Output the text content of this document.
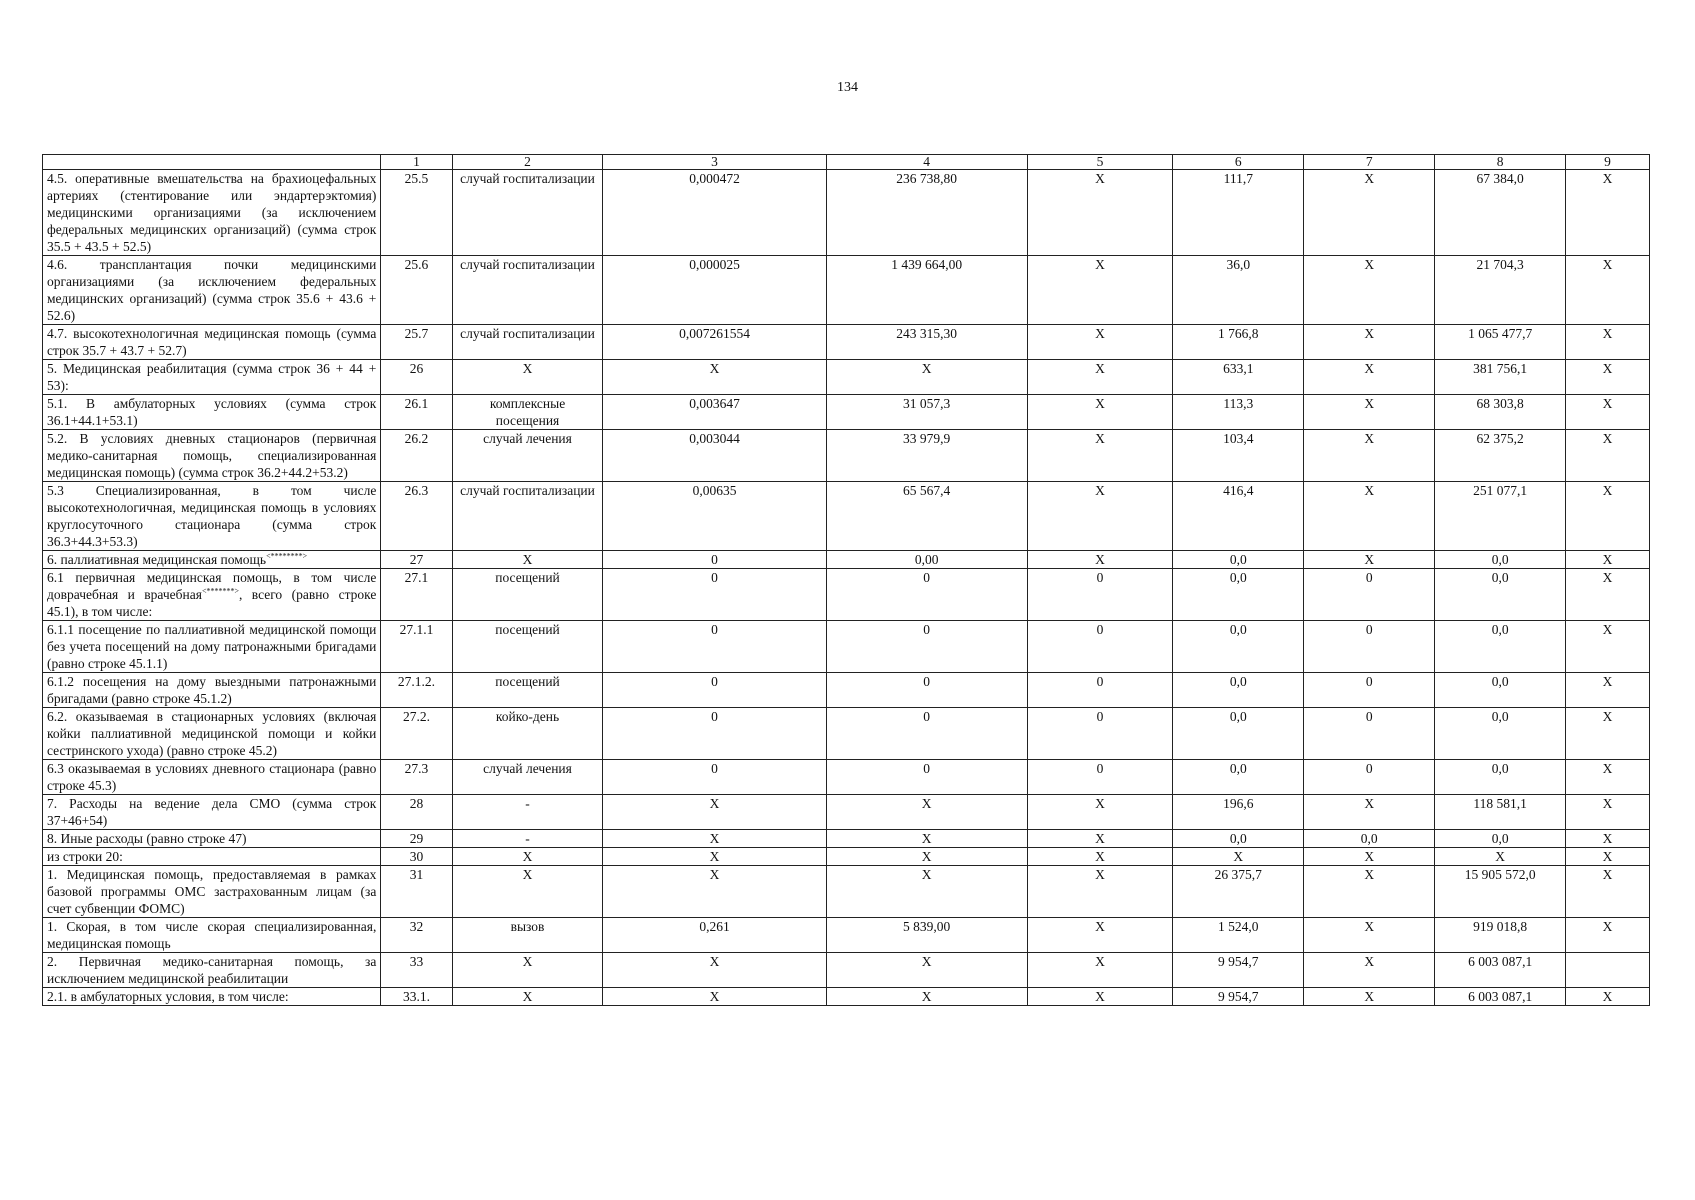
134
	1	2	3	4	5	6	7	8	9
4.5. оперативные вмешательства на брахиоцефальных артериях (стентирование или эндартерэктомия) медицинскими организациями (за исключением федеральных медицинских организаций) (сумма строк 35.5 + 43.5 + 52.5)	25.5	случай госпитализации	0,000472	236 738,80	X	111,7	X	67 384,0	X
4.6. трансплантация почки медицинскими организациями (за исключением федеральных медицинских организаций) (сумма строк 35.6 + 43.6 + 52.6)	25.6	случай госпитализации	0,000025	1 439 664,00	X	36,0	X	21 704,3	X
4.7. высокотехнологичная медицинская помощь (сумма строк 35.7 + 43.7 + 52.7)	25.7	случай госпитализации	0,007261554	243 315,30	X	1 766,8	X	1 065 477,7	X
5. Медицинская реабилитация (сумма строк 36 + 44 + 53):	26	X	X	X	X	633,1	X	381 756,1	X
5.1. В амбулаторных условиях (сумма строк 36.1+44.1+53.1)	26.1	комплексные посещения	0,003647	31 057,3	X	113,3	X	68 303,8	X
5.2. В условиях дневных стационаров (первичная медико-санитарная помощь, специализированная медицинская помощь) (сумма строк 36.2+44.2+53.2)	26.2	случай лечения	0,003044	33 979,9	X	103,4	X	62 375,2	X
5.3 Специализированная, в том числе высокотехнологичная, медицинская помощь в условиях круглосуточного стационара (сумма строк 36.3+44.3+53.3)	26.3	случай госпитализации	0,00635	65 567,4	X	416,4	X	251 077,1	X
6. паллиативная медицинская помощь<********>	27	X	0	0,00	X	0,0	X	0,0	X
6.1 первичная медицинская помощь, в том числе доврачебная и врачебная<*******>, всего (равно строке 45.1), в том числе:	27.1	посещений	0	0	0	0,0	0	0,0	X
6.1.1 посещение по паллиативной медицинской помощи без учета посещений на дому патронажными бригадами (равно строке 45.1.1)	27.1.1	посещений	0	0	0	0,0	0	0,0	X
6.1.2 посещения на дому выездными патронажными бригадами (равно строке 45.1.2)	27.1.2.	посещений	0	0	0	0,0	0	0,0	X
6.2. оказываемая в стационарных условиях (включая койки паллиативной медицинской помощи и койки сестринского ухода) (равно строке 45.2)	27.2.	койко-день	0	0	0	0,0	0	0,0	X
6.3 оказываемая в условиях дневного стационара (равно строке 45.3)	27.3	случай лечения	0	0	0	0,0	0	0,0	X
7. Расходы на ведение дела СМО (сумма строк 37+46+54)	28	-	X	X	X	196,6	X	118 581,1	X
8. Иные расходы (равно строке 47)	29	-	X	X	X	0,0	0,0	0,0	X
из строки 20:	30	X	X	X	X	X	X	X	X
1. Медицинская помощь, предоставляемая в рамках базовой программы ОМС застрахованным лицам (за счет субвенции ФОМС)	31	X	X	X	X	26 375,7	X	15 905 572,0	X
1. Скорая, в том числе скорая специализированная, медицинская помощь	32	вызов	0,261	5 839,00	X	1 524,0	X	919 018,8	X
2. Первичная медико-санитарная помощь, за исключением медицинской реабилитации	33	X	X	X	X	9 954,7	X	6 003 087,1	
2.1. в амбулаторных условия, в том числе:	33.1.	X	X	X	X	9 954,7	X	6 003 087,1	X
